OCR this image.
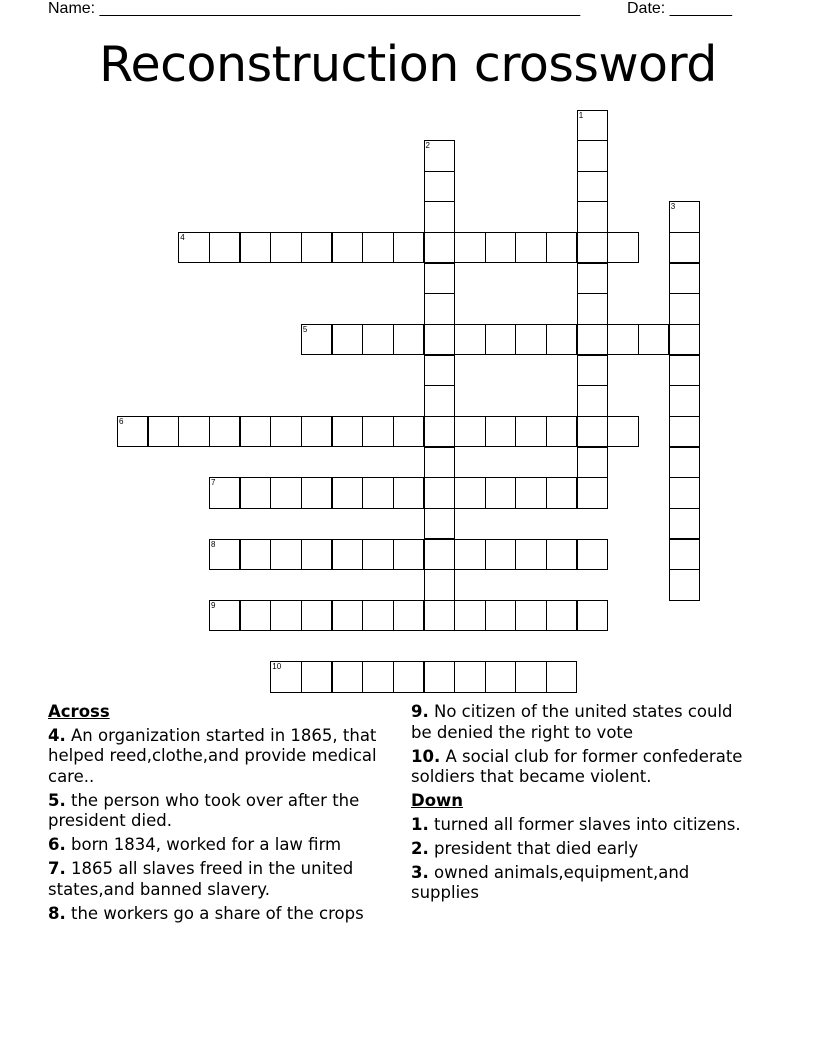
Name: ______________________________________________________	Date: _______
Reconstruction crossword
1
2
3
4
5
6
7
8
9
10
Across
4. An organization started in 1865, that helped reed,clothe,and provide medical care..
5. the person who took over after the president died.
6. born 1834, worked for a law firm
7. 1865 all slaves freed in the united states,and banned slavery.
8. the workers go a share of the crops
9. No citizen of the united states could be denied the right to vote
10. A social club for former confederate soldiers that became violent.
Down
1. turned all former slaves into citizens.
2. president that died early
3. owned animals,equipment,and supplies
